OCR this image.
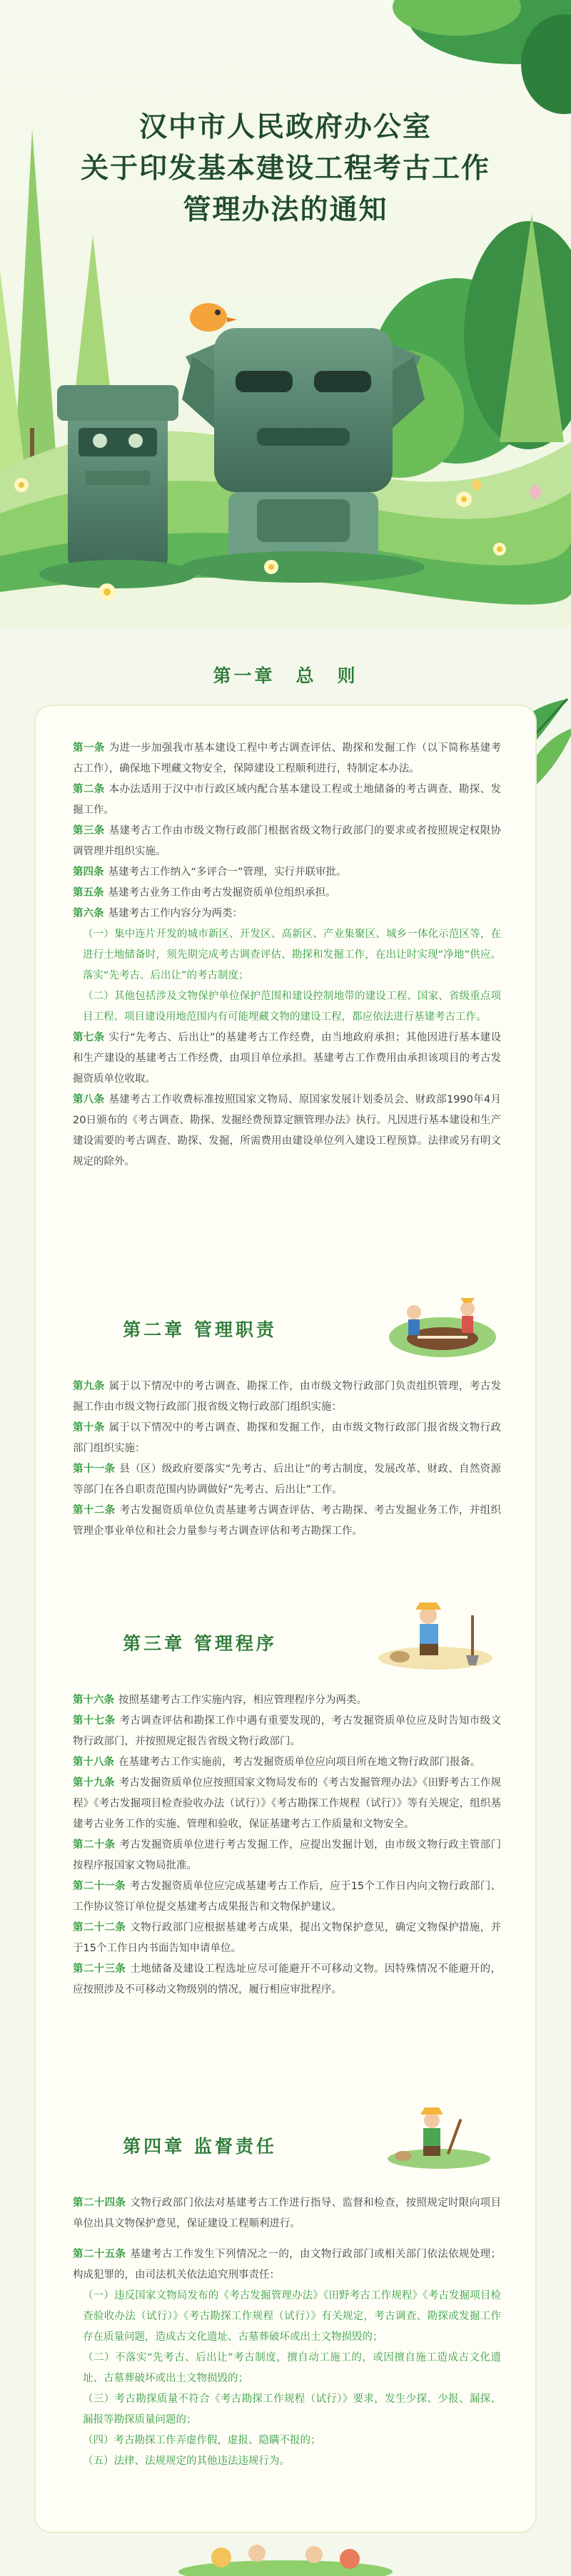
汉中市人民政府办公室
关于印发基本建设工程考古工作
管理办法的通知
第一章　总　则

第一条 为进一步加强我市基本建设工程中考古调查评估、勘探和发掘工作（以下简称基建考古工作），确保地下埋藏文物安全，保障建设工程顺利进行，特制定本办法。

第二条 本办法适用于汉中市行政区域内配合基本建设工程或土地储备的考古调查、勘探、发掘工作。

第三条 基建考古工作由市级文物行政部门根据省级文物行政部门的要求或者按照规定权限协调管理并组织实施。

第四条 基建考古工作纳入“多评合一”管理，实行并联审批。

第五条 基建考古业务工作由考古发掘资质单位组织承担。

第六条 基建考古工作内容分为两类：

（一）集中连片开发的城市新区、开发区、高新区、产业集聚区、城乡一体化示范区等，在进行土地储备时，须先期完成考古调查评估、勘探和发掘工作，在出让时实现“净地”供应。落实“先考古、后出让”的考古制度；

（二）其他包括涉及文物保护单位保护范围和建设控制地带的建设工程、国家、省级重点项目工程、项目建设用地范围内有可能埋藏文物的建设工程，都应依法进行基建考古工作。

第七条 实行“先考古、后出让”的基建考古工作经费，由当地政府承担；其他因进行基本建设和生产建设的基建考古工作经费，由项目单位承担。基建考古工作费用由承担该项目的考古发掘资质单位收取。

第八条 基建考古工作收费标准按照国家文物局、原国家发展计划委员会、财政部1990年4月20日颁布的《考古调查、勘探、发掘经费预算定额管理办法》执行。凡因进行基本建设和生产建设需要的考古调查、勘探、发掘，所需费用由建设单位列入建设工程预算。法律或另有明文规定的除外。

第二章 管理职责

第九条 属于以下情况中的考古调查、勘探工作，由市级文物行政部门负责组织管理，考古发掘工作由市级文物行政部门报省级文物行政部门组织实施：

第十条 属于以下情况中的考古调查、勘探和发掘工作，由市级文物行政部门报省级文物行政部门组织实施：

第十一条 县（区）级政府要落实“先考古、后出让”的考古制度，发展改革、财政、自然资源等部门在各自职责范围内协调做好“先考古、后出让”工作。

第十二条 考古发掘资质单位负责基建考古调查评估、考古勘探、考古发掘业务工作，并组织管理企事业单位和社会力量参与考古调查评估和考古勘探工作。

第三章 管理程序

第十六条 按照基建考古工作实施内容，相应管理程序分为两类。

第十七条 考古调查评估和勘探工作中遇有重要发现的，考古发掘资质单位应及时告知市级文物行政部门，并按照规定报告省级文物行政部门。

第十八条 在基建考古工作实施前，考古发掘资质单位应向项目所在地文物行政部门报备。

第十九条 考古发掘资质单位应按照国家文物局发布的《考古发掘管理办法》《田野考古工作规程》《考古发掘项目检查验收办法（试行）》《考古勘探工作规程（试行）》等有关规定，组织基建考古业务工作的实施、管理和验收，保证基建考古工作质量和文物安全。

第二十条 考古发掘资质单位进行考古发掘工作，应提出发掘计划，由市级文物行政主管部门按程序报国家文物局批准。

第二十一条 考古发掘资质单位应完成基建考古工作后，应于15个工作日内向文物行政部门、工作协议签订单位提交基建考古成果报告和文物保护建议。

第二十二条 文物行政部门应根据基建考古成果，提出文物保护意见，确定文物保护措施，并于15个工作日内书面告知申请单位。

第二十三条 土地储备及建设工程选址应尽可能避开不可移动文物。因特殊情况不能避开的，应按照涉及不可移动文物级别的情况，履行相应审批程序。

第四章 监督责任

第二十四条 文物行政部门依法对基建考古工作进行指导、监督和检查，按照规定时限向项目单位出具文物保护意见，保证建设工程顺利进行。

第二十五条 基建考古工作发生下列情况之一的，由文物行政部门或相关部门依法依规处理；构成犯罪的，由司法机关依法追究刑事责任：

（一）违反国家文物局发布的《考古发掘管理办法》《田野考古工作规程》《考古发掘项目检查验收办法（试行）》《考古勘探工作规程（试行）》有关规定，考古调查、勘探或发掘工作存在质量问题，造成古文化遗址、古墓葬破坏或出土文物损毁的；

（二）不落实“先考古、后出让”考古制度，擅自动工施工的，或因擅自施工造成古文化遗址、古墓葬破坏或出土文物损毁的；

（三）考古勘探质量不符合《考古勘探工作规程（试行）》要求，发生少探、少报、漏探、漏报等勘探质量问题的；

（四）考古勘探工作弄虚作假，虚报、隐瞒不报的；

（五）法律、法规规定的其他违法违规行为。
